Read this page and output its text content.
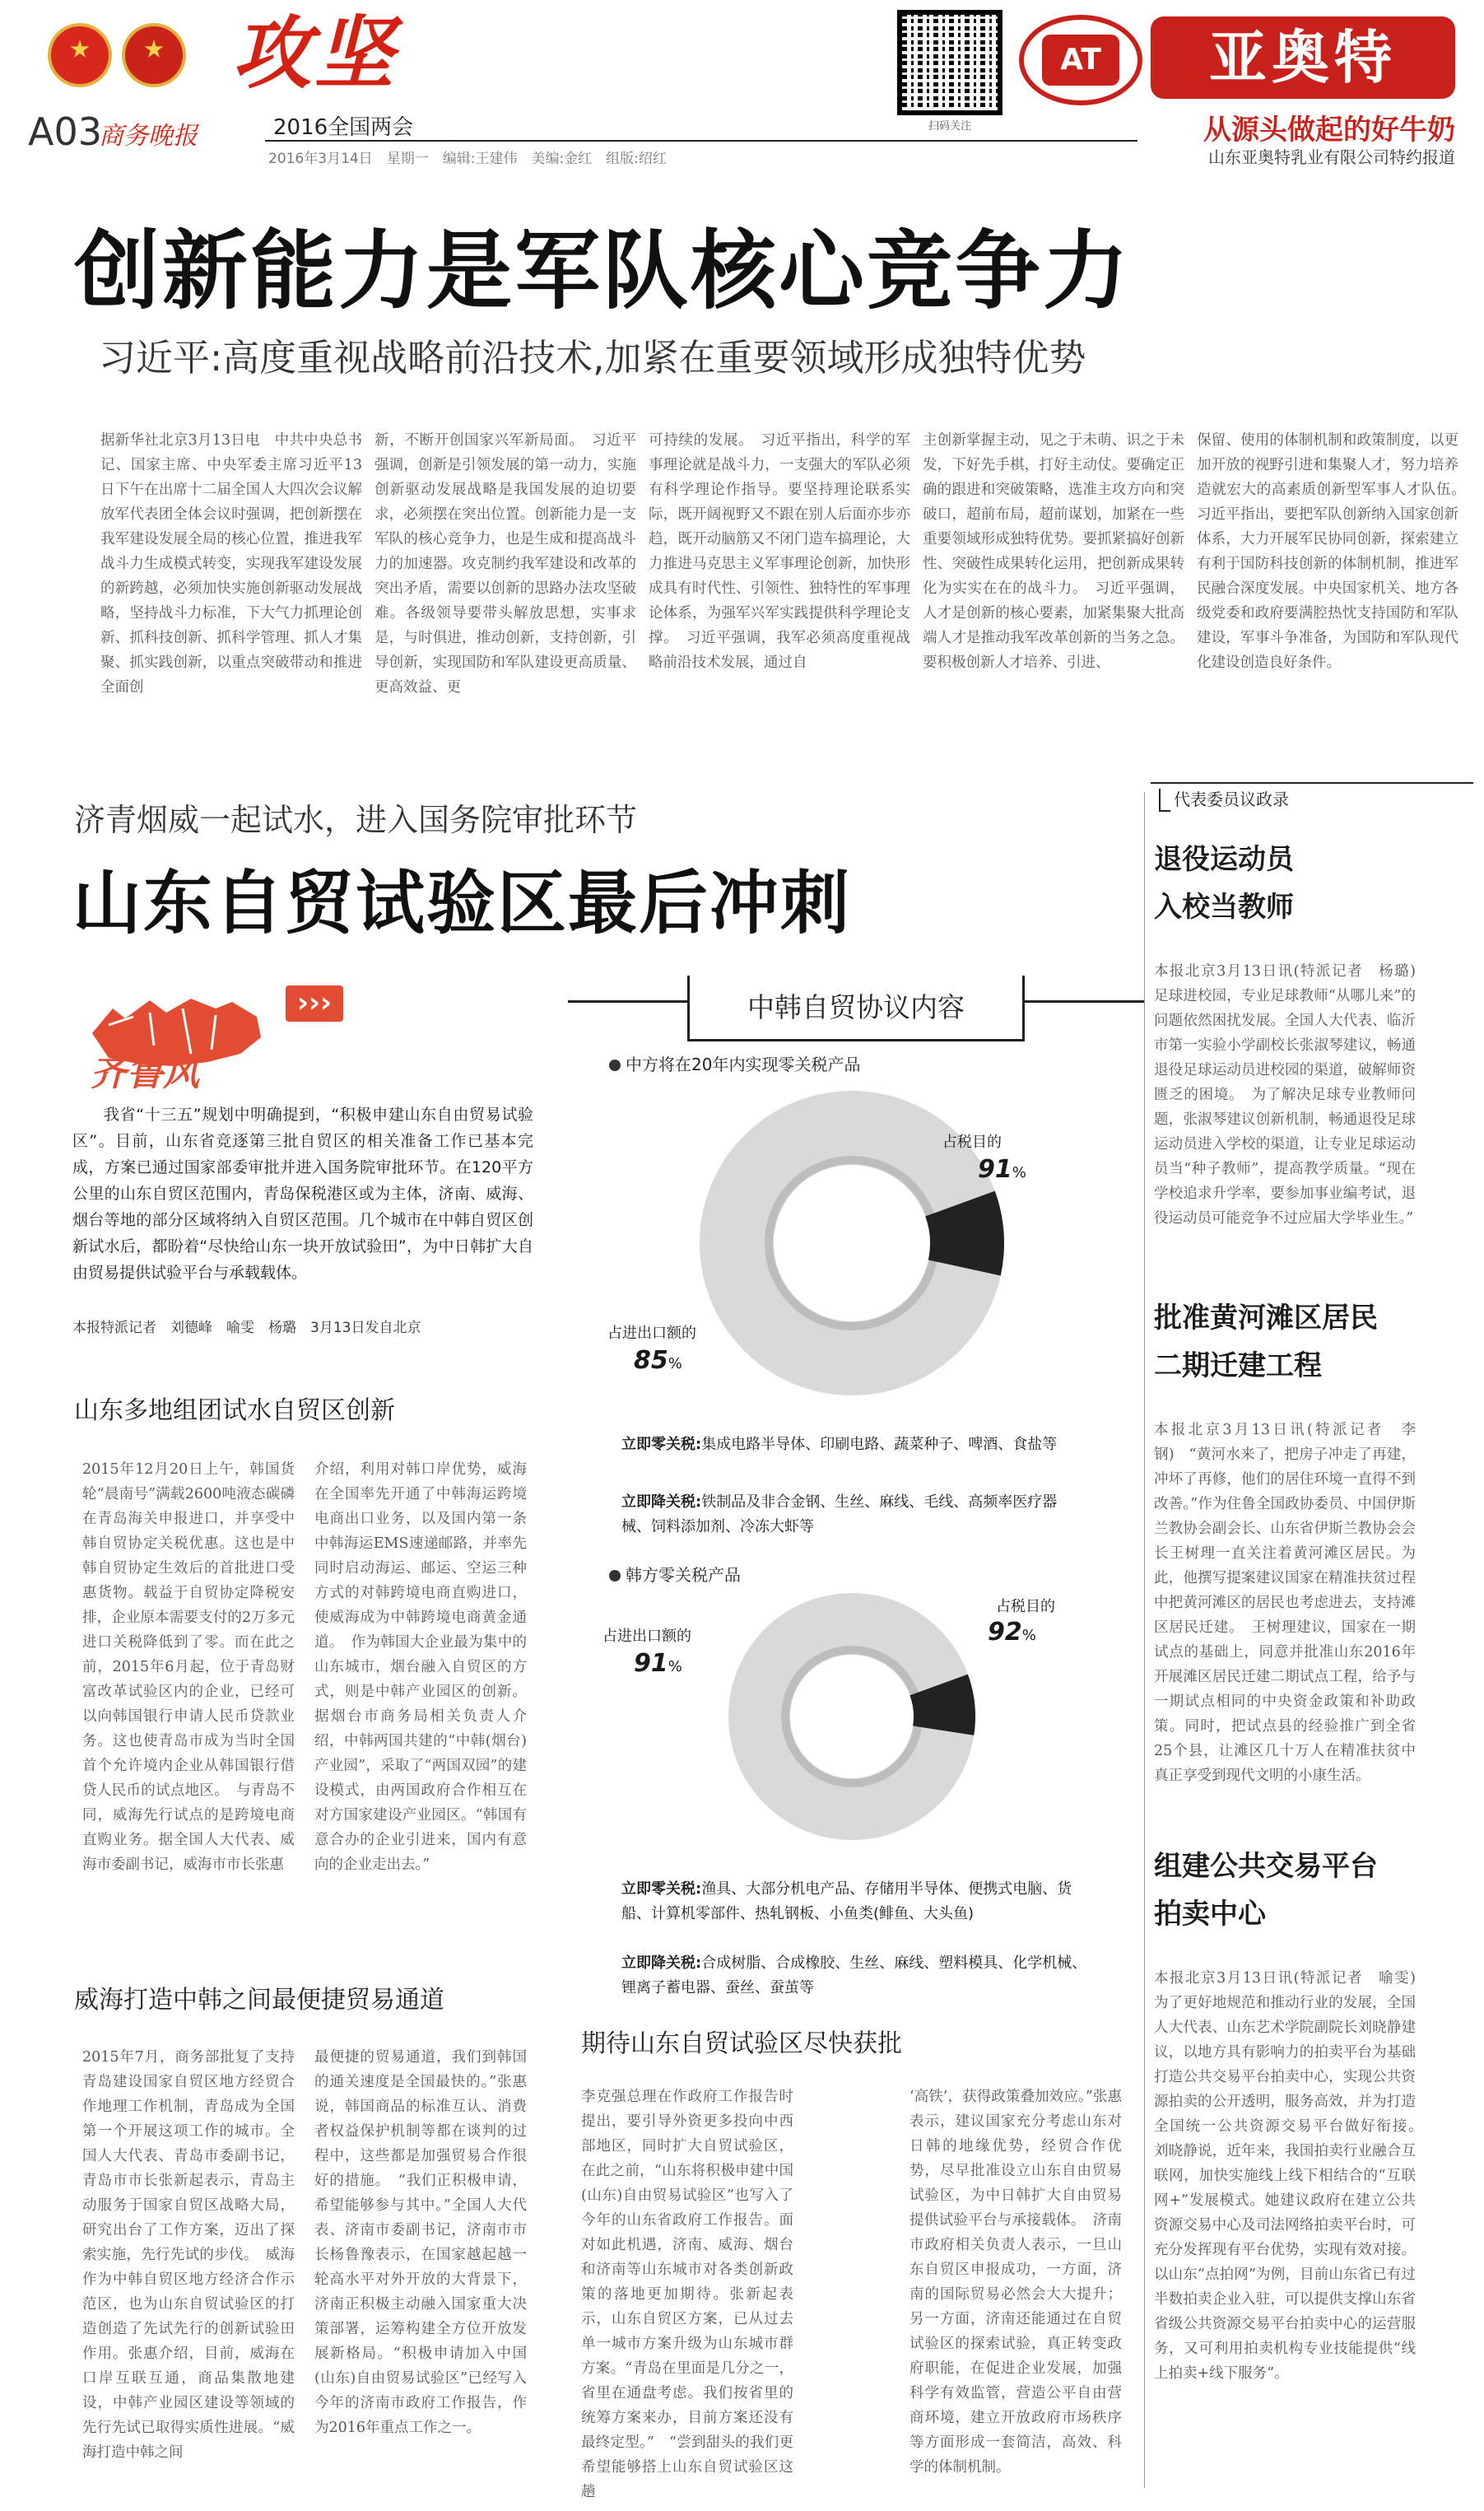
攻坚
A03
商务晚报	2016全国两会
2016年3月14日　星期一　编辑:王建伟　美编:金红　组版:绍红
扫码关注
AT	亚奥特
从源头做起的好牛奶
山东亚奥特乳业有限公司特约报道
创新能力是军队核心竞争力
习近平:高度重视战略前沿技术,加紧在重要领域形成独特优势
据新华社北京3月13日电　中共中央总书记、国家主席、中央军委主席习近平13日下午在出席十二届全国人大四次会议解放军代表团全体会议时强调，把创新摆在我军建设发展全局的核心位置，推进我军战斗力生成模式转变，实现我军建设发展的新跨越，必须加快实施创新驱动发展战略，坚持战斗力标准，下大气力抓理论创新、抓科技创新、抓科学管理、抓人才集聚、抓实践创新，以重点突破带动和推进全面创
新，不断开创国家兴军新局面。　习近平强调，创新是引领发展的第一动力，实施创新驱动发展战略是我国发展的迫切要求，必须摆在突出位置。创新能力是一支军队的核心竞争力，也是生成和提高战斗力的加速器。攻克制约我军建设和改革的突出矛盾，需要以创新的思路办法攻坚破难。各级领导要带头解放思想，实事求是，与时俱进，推动创新，支持创新，引导创新，实现国防和军队建设更高质量、更高效益、更
可持续的发展。　习近平指出，科学的军事理论就是战斗力，一支强大的军队必须有科学理论作指导。要坚持理论联系实际，既开阔视野又不跟在别人后面亦步亦趋，既开动脑筋又不闭门造车搞理论，大力推进马克思主义军事理论创新，加快形成具有时代性、引领性、独特性的军事理论体系，为强军兴军实践提供科学理论支撑。　习近平强调，我军必须高度重视战略前沿技术发展，通过自
主创新掌握主动，见之于未萌、识之于未发，下好先手棋，打好主动仗。要确定正确的跟进和突破策略，选准主攻方向和突破口，超前布局，超前谋划，加紧在一些重要领域形成独特优势。要抓紧搞好创新性、突破性成果转化运用，把创新成果转化为实实在在的战斗力。　习近平强调，人才是创新的核心要素，加紧集聚大批高端人才是推动我军改革创新的当务之急。要积极创新人才培养、引进、
保留、使用的体制机制和政策制度，以更加开放的视野引进和集聚人才，努力培养造就宏大的高素质创新型军事人才队伍。　习近平指出，要把军队创新纳入国家创新体系，大力开展军民协同创新，探索建立有利于国防科技创新的体制机制，推进军民融合深度发展。中央国家机关、地方各级党委和政府要满腔热忱支持国防和军队建设，军事斗争准备，为国防和军队现代化建设创造良好条件。
济青烟威一起试水，进入国务院审批环节
山东自贸试验区最后冲刺
›››
齐鲁风
我省“十三五”规划中明确提到，“积极申建山东自由贸易试验区”。目前，山东省竞逐第三批自贸区的相关准备工作已基本完成，方案已通过国家部委审批并进入国务院审批环节。在120平方公里的山东自贸区范围内，青岛保税港区或为主体，济南、威海、烟台等地的部分区域将纳入自贸区范围。几个城市在中韩自贸区创新试水后，都盼着“尽快给山东一块开放试验田”，为中日韩扩大自由贸易提供试验平台与承载载体。
本报特派记者　刘德峰　喻雯　杨璐　3月13日发自北京
山东多地组团试水自贸区创新
2015年12月20日上午，韩国货轮“晨南号”满载2600吨液态碳磷在青岛海关申报进口，并享受中韩自贸协定关税优惠。这也是中韩自贸协定生效后的首批进口受惠货物。载益于自贸协定降税安排，企业原本需要支付的2万多元进口关税降低到了零。而在此之前，2015年6月起，位于青岛财富改革试验区内的企业，已经可以向韩国银行申请人民币贷款业务。这也使青岛市成为当时全国首个允许境内企业从韩国银行借贷人民币的试点地区。　与青岛不同，威海先行试点的是跨境电商直购业务。据全国人大代表、威海市委副书记，威海市市长张惠
介绍，利用对韩口岸优势，威海在全国率先开通了中韩海运跨境电商出口业务，以及国内第一条中韩海运EMS速递邮路，并率先同时启动海运、邮运、空运三种方式的对韩跨境电商直购进口，使威海成为中韩跨境电商黄金通道。　作为韩国大企业最为集中的山东城市，烟台融入自贸区的方式，则是中韩产业园区的创新。据烟台市商务局相关负责人介绍，中韩两国共建的“中韩(烟台)产业园”，采取了“两国双园”的建设模式，由两国政府合作相互在对方国家建设产业园区。“韩国有意合办的企业引进来，国内有意向的企业走出去。”
威海打造中韩之间最便捷贸易通道
2015年7月，商务部批复了支持青岛建设国家自贸区地方经贸合作地理工作机制，青岛成为全国第一个开展这项工作的城市。全国人大代表、青岛市委副书记，青岛市市长张新起表示，青岛主动服务于国家自贸区战略大局，研究出台了工作方案，迈出了探索实施，先行先试的步伐。　威海作为中韩自贸区地方经济合作示范区，也为山东自贸试验区的打造创造了先试先行的创新试验田作用。张惠介绍，目前，威海在口岸互联互通，商品集散地建设，中韩产业园区建设等领域的先行先试已取得实质性进展。“威海打造中韩之间
最便捷的贸易通道，我们到韩国的通关速度是全国最快的。”张惠说，韩国商品的标准互认、消费者权益保护机制等都在谈判的过程中，这些都是加强贸易合作很好的措施。　“我们正积极申请，希望能够参与其中。”全国人大代表、济南市委副书记，济南市市长杨鲁豫表示，在国家越起越一轮高水平对外开放的大背景下，济南正积极主动融入国家重大决策部署，运筹构建全方位开放发展新格局。“积极申请加入中国(山东)自由贸易试验区”已经写入今年的济南市政府工作报告，作为2016年重点工作之一。
期待山东自贸试验区尽快获批
李克强总理在作政府工作报告时提出，要引导外资更多投向中西部地区，同时扩大自贸试验区，在此之前，“山东将积极申建中国(山东)自由贸易试验区”也写入了今年的山东省政府工作报告。面对如此机遇，济南、威海、烟台和济南等山东城市对各类创新政策的落地更加期待。张新起表示，山东自贸区方案，已从过去单一城市方案升级为山东城市群方案。“青岛在里面是几分之一，省里在通盘考虑。我们按省里的统筹方案来办，目前方案还没有最终定型。”　“尝到甜头的我们更希望能够搭上山东自贸试验区这趟
‘高铁’，获得政策叠加效应。”张惠表示，建议国家充分考虑山东对日韩的地缘优势，经贸合作优势，尽早批准设立山东自由贸易试验区，为中日韩扩大自由贸易提供试验平台与承接载体。　济南市政府相关负责人表示，一旦山东自贸区申报成功，一方面，济南的国际贸易必然会大大提升；另一方面，济南还能通过在自贸试验区的探索试验，真正转变政府职能，在促进企业发展，加强科学有效监管，营造公平自由营商环境，建立开放政府市场秩序等方面形成一套简洁，高效、科学的体制机制。
中韩自贸协议内容
中方将在20年内实现零关税产品
占税目的
91%
占进出口额的
85%
立即零关税:集成电路半导体、印刷电路、蔬菜种子、啤酒、食盐等
立即降关税:铁制品及非合金钢、生丝、麻线、毛线、高频率医疗器械、饲料添加剂、冷冻大虾等
韩方零关税产品
占税目的
92%
占进出口额的
91%
立即零关税:渔具、大部分机电产品、存储用半导体、便携式电脑、货船、计算机零部件、热轧钢板、小鱼类(鲱鱼、大头鱼)
立即降关税:合成树脂、合成橡胶、生丝、麻线、塑料模具、化学机械、锂离子蓄电器、蚕丝、蚕茧等
代表委员议政录
退役运动员
入校当教师
本报北京3月13日讯(特派记者　杨璐)　足球进校园，专业足球教师“从哪儿来”的问题依然困扰发展。全国人大代表、临沂市第一实验小学副校长张淑琴建议，畅通退役足球运动员进校园的渠道，破解师资匮乏的困境。　为了解决足球专业教师问题，张淑琴建议创新机制，畅通退役足球运动员进入学校的渠道，让专业足球运动员当“种子教师”，提高教学质量。“现在学校追求升学率，要参加事业编考试，退役运动员可能竞争不过应届大学毕业生。”
批准黄河滩区居民
二期迁建工程
本报北京3月13日讯(特派记者　李钢)　“黄河水来了，把房子冲走了再建，冲坏了再修，他们的居住环境一直得不到改善。”作为住鲁全国政协委员、中国伊斯兰教协会副会长、山东省伊斯兰教协会会长王树理一直关注着黄河滩区居民。为此，他撰写提案建议国家在精准扶贫过程中把黄河滩区的居民也考虑进去，支持滩区居民迁建。　王树理建议，国家在一期试点的基础上，同意并批准山东2016年开展滩区居民迁建二期试点工程，给予与一期试点相同的中央资金政策和补助政策。同时，把试点县的经验推广到全省25个县，让滩区几十万人在精准扶贫中真正享受到现代文明的小康生活。
组建公共交易平台
拍卖中心
本报北京3月13日讯(特派记者　喻雯)　为了更好地规范和推动行业的发展，全国人大代表、山东艺术学院副院长刘晓静建议，以地方具有影响力的拍卖平台为基础打造公共交易平台拍卖中心，实现公共资源拍卖的公开透明，服务高效，并为打造全国统一公共资源交易平台做好衔接。　刘晓静说，近年来，我国拍卖行业融合互联网，加快实施线上线下相结合的“互联网+”发展模式。她建议政府在建立公共资源交易中心及司法网络拍卖平台时，可充分发挥现有平台优势，实现有效对接。以山东“点拍网”为例，目前山东省已有过半数拍卖企业入驻，可以提供支撑山东省省级公共资源交易平台拍卖中心的运营服务，又可利用拍卖机构专业技能提供“线上拍卖+线下服务”。
